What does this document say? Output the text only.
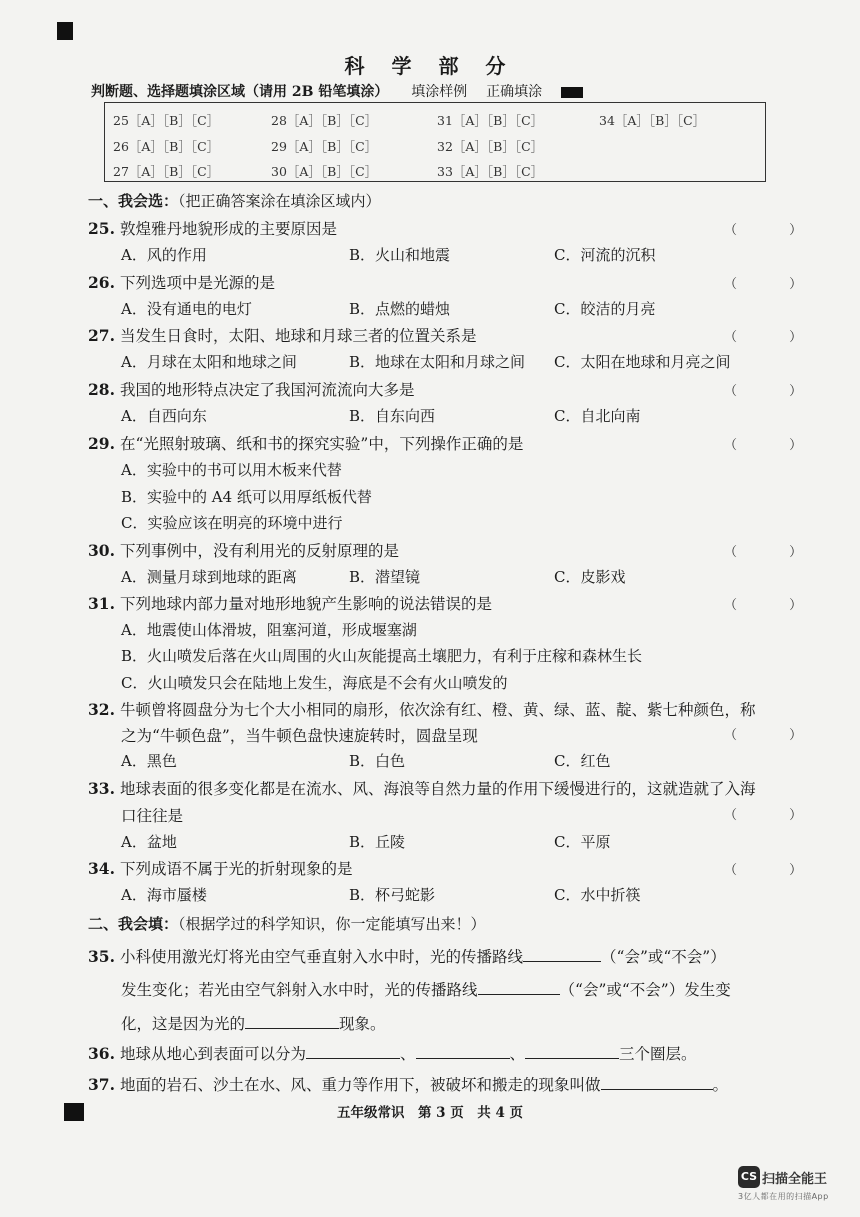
科 学 部 分
判断题、选择题填涂区域（请用 2B 铅笔填涂） 填涂样例 正确填涂
25［A］［B］［C］	28［A］［B］［C］	31［A］［B］［C］	34［A］［B］［C］
26［A］［B］［C］	29［A］［B］［C］	32［A］［B］［C］
27［A］［B］［C］	30［A］［B］［C］	33［A］［B］［C］
一、我会选：（把正确答案涂在填涂区域内）
25. 敦煌雅丹地貌形成的主要原因是	（ ）
A．风的作用	B．火山和地震	C．河流的沉积
26. 下列选项中是光源的是	（ ）
A．没有通电的电灯	B．点燃的蜡烛	C．皎洁的月亮
27. 当发生日食时，太阳、地球和月球三者的位置关系是	（ ）
A．月球在太阳和地球之间	B．地球在太阳和月球之间 C．太阳在地球和月亮之间
28. 我国的地形特点决定了我国河流流向大多是	（ ）
A．自西向东	B．自东向西	C．自北向南
29. 在“光照射玻璃、纸和书的探究实验”中，下列操作正确的是	（ ）
A．实验中的书可以用木板来代替
B．实验中的 A4 纸可以用厚纸板代替
C．实验应该在明亮的环境中进行
30. 下列事例中，没有利用光的反射原理的是	（ ）
A．测量月球到地球的距离	B．潜望镜	C．皮影戏
31. 下列地球内部力量对地形地貌产生影响的说法错误的是	（ ）
A．地震使山体滑坡，阻塞河道，形成堰塞湖
B．火山喷发后落在火山周围的火山灰能提高土壤肥力，有利于庄稼和森林生长
C．火山喷发只会在陆地上发生，海底是不会有火山喷发的
32. 牛顿曾将圆盘分为七个大小相同的扇形，依次涂有红、橙、黄、绿、蓝、靛、紫七种颜色，称
之为“牛顿色盘”，当牛顿色盘快速旋转时，圆盘呈现	（ ）
A．黑色	B．白色	C．红色
33. 地球表面的很多变化都是在流水、风、海浪等自然力量的作用下缓慢进行的，这就造就了入海
口往往是	（ ）
A．盆地	B．丘陵	C．平原
34. 下列成语不属于光的折射现象的是	（ ）
A．海市蜃楼	B．杯弓蛇影	C．水中折筷
二、我会填：（根据学过的科学知识，你一定能填写出来！）
35. 小科使用激光灯将光由空气垂直射入水中时，光的传播路线	（“会”或“不会”）
发生变化；若光由空气斜射入水中时，光的传播路线	（“会”或“不会”）发生变
化，这是因为光的	现象。
36. 地球从地心到表面可以分为	、	、	三个圈层。
37. 地面的岩石、沙土在水、风、重力等作用下，被破坏和搬走的现象叫做	。
五年级常识　第 3 页　共 4 页
CS 扫描全能王
3亿人都在用的扫描App
